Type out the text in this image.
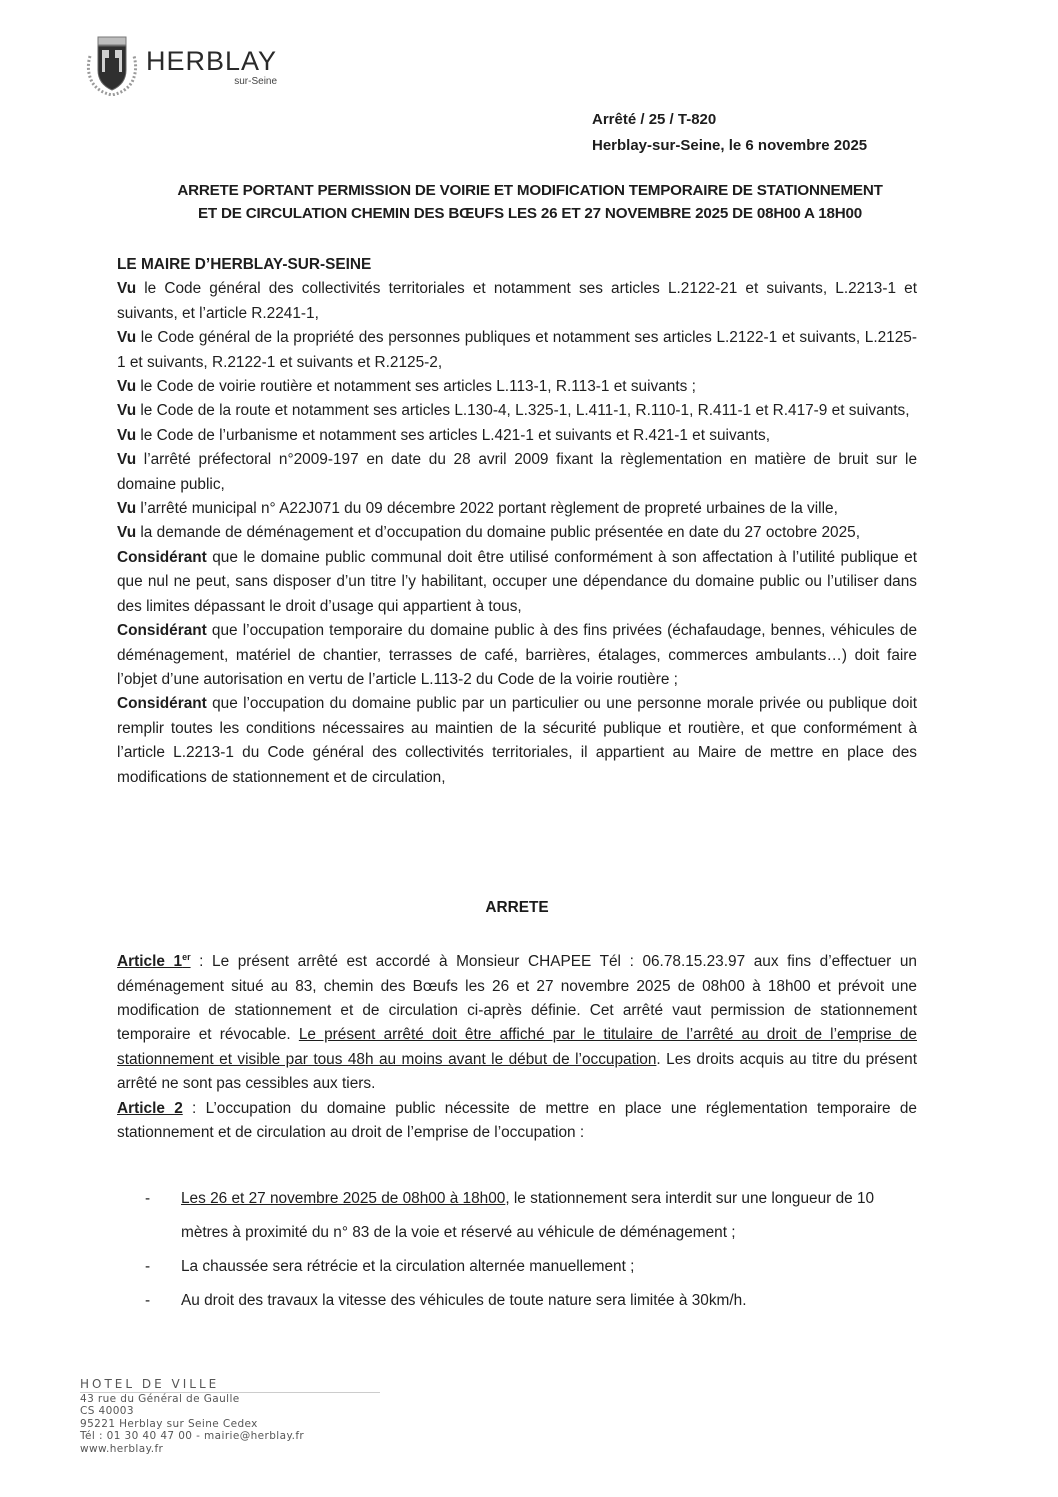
HERBLAY
sur-Seine
Arrêté / 25 / T-820
Herblay-sur-Seine, le 6 novembre 2025
ARRETE PORTANT PERMISSION DE VOIRIE ET MODIFICATION TEMPORAIRE DE STATIONNEMENT
ET DE CIRCULATION CHEMIN DES BŒUFS LES 26 ET 27 NOVEMBRE 2025 DE 08H00 A 18H00

LE MAIRE D’HERBLAY-SUR-SEINE

Vu le Code général des collectivités territoriales et notamment ses articles L.2122-21 et suivants, L.2213-1 et suivants, et l’article R.2241-1,

Vu le Code général de la propriété des personnes publiques et notamment ses articles L.2122-1 et suivants, L.2125-1 et suivants, R.2122-1 et suivants et R.2125-2,

Vu le Code de voirie routière et notamment ses articles L.113-1, R.113-1 et suivants ;

Vu le Code de la route et notamment ses articles L.130-4, L.325-1, L.411-1, R.110-1, R.411-1 et R.417-9 et suivants,

Vu le Code de l’urbanisme et notamment ses articles L.421-1 et suivants et R.421-1 et suivants,

Vu l’arrêté préfectoral n°2009-197 en date du 28 avril 2009 fixant la règlementation en matière de bruit sur le domaine public,

Vu l’arrêté municipal n° A22J071 du 09 décembre 2022 portant règlement de propreté urbaines de la ville,

Vu la demande de déménagement et d’occupation du domaine public présentée en date du 27 octobre 2025,

Considérant que le domaine public communal doit être utilisé conformément à son affectation à l’utilité publique et que nul ne peut, sans disposer d’un titre l’y habilitant, occuper une dépendance du domaine public ou l’utiliser dans des limites dépassant le droit d’usage qui appartient à tous,

Considérant que l’occupation temporaire du domaine public à des fins privées (échafaudage, bennes, véhicules de déménagement, matériel de chantier, terrasses de café, barrières, étalages, commerces ambulants…) doit faire l’objet d’une autorisation en vertu de l’article L.113-2 du Code de la voirie routière ;

Considérant que l’occupation du domaine public par un particulier ou une personne morale privée ou publique doit remplir toutes les conditions nécessaires au maintien de la sécurité publique et routière, et que conformément à l’article L.2213-1 du Code général des collectivités territoriales, il appartient au Maire de mettre en place des modifications de stationnement et de circulation,

ARRETE

Article 1er : Le présent arrêté est accordé à Monsieur CHAPEE Tél : 06.78.15.23.97 aux fins d’effectuer un déménagement situé au 83, chemin des Bœufs les 26 et 27 novembre 2025 de 08h00 à 18h00 et prévoit une modification de stationnement et de circulation ci-après définie. Cet arrêté vaut permission de stationnement temporaire et révocable. Le présent arrêté doit être affiché par le titulaire de l’arrêté au droit de l’emprise de stationnement et visible par tous 48h au moins avant le début de l’occupation. Les droits acquis au titre du présent arrêté ne sont pas cessibles aux tiers.

Article 2 : L’occupation du domaine public nécessite de mettre en place une réglementation temporaire de stationnement et de circulation au droit de l’emprise de l’occupation :

-	Les 26 et 27 novembre 2025 de 08h00 à 18h00, le stationnement sera interdit sur une longueur de 10 mètres à proximité du n° 83 de la voie et réservé au véhicule de déménagement ;
-	La chaussée sera rétrécie et la circulation alternée manuellement ;
-	Au droit des travaux la vitesse des véhicules de toute nature sera limitée à 30km/h.
HOTEL DE VILLE
43 rue du Général de Gaulle
CS 40003
95221 Herblay sur Seine Cedex
Tél : 01 30 40 47 00 - mairie@herblay.fr
www.herblay.fr
